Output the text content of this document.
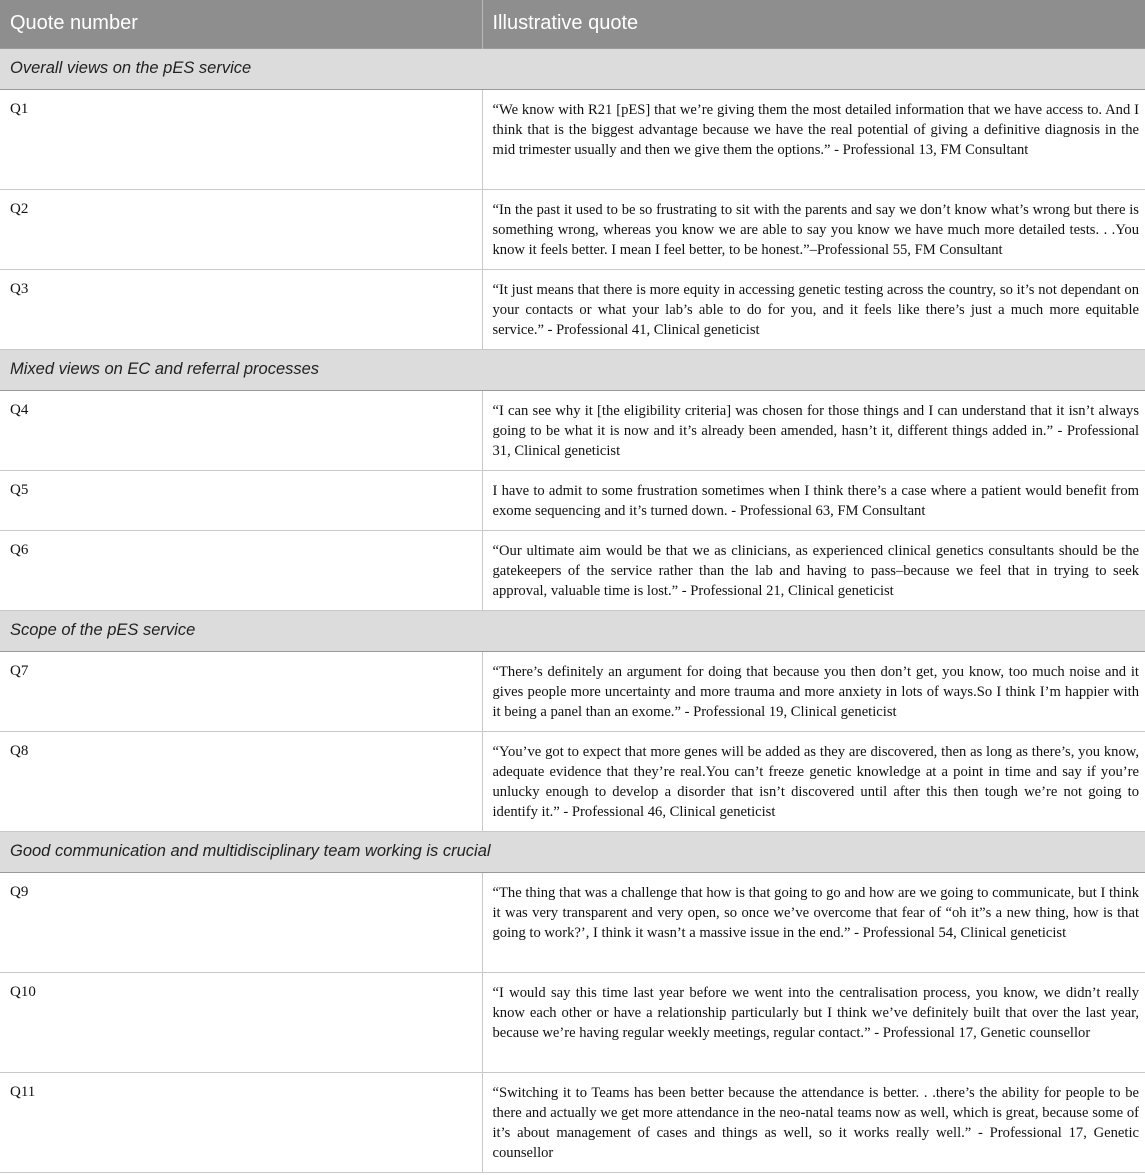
Quote number	Illustrative quote
Overall views on the pES service	
Q1	“We know with R21 [pES] that we’re giving them the most detailed information that we have access to. And I think that is the biggest advantage because we have the real potential of giving a definitive diagnosis in the mid trimester usually and then we give them the options.” - Professional 13, FM Consultant
Q2	“In the past it used to be so frustrating to sit with the parents and say we don’t know what’s wrong but there is something wrong, whereas you know we are able to say you know we have much more detailed tests. . .You know it feels better. I mean I feel better, to be honest.”–Professional 55, FM Consultant
Q3	“It just means that there is more equity in accessing genetic testing across the country, so it’s not dependant on your contacts or what your lab’s able to do for you, and it feels like there’s just a much more equitable service.” - Professional 41, Clinical geneticist
Mixed views on EC and referral processes	
Q4	“I can see why it [the eligibility criteria] was chosen for those things and I can understand that it isn’t always going to be what it is now and it’s already been amended, hasn’t it, different things added in.” - Professional 31, Clinical geneticist
Q5	I have to admit to some frustration sometimes when I think there’s a case where a patient would benefit from exome sequencing and it’s turned down. - Professional 63, FM Consultant
Q6	“Our ultimate aim would be that we as clinicians, as experienced clinical genetics consultants should be the gatekeepers of the service rather than the lab and having to pass–because we feel that in trying to seek approval, valuable time is lost.” - Professional 21, Clinical geneticist
Scope of the pES service	
Q7	“There’s definitely an argument for doing that because you then don’t get, you know, too much noise and it gives people more uncertainty and more trauma and more anxiety in lots of ways.So I think I’m happier with it being a panel than an exome.” - Professional 19, Clinical geneticist
Q8	“You’ve got to expect that more genes will be added as they are discovered, then as long as there’s, you know, adequate evidence that they’re real.You can’t freeze genetic knowledge at a point in time and say if you’re unlucky enough to develop a disorder that isn’t discovered until after this then tough we’re not going to identify it.” - Professional 46, Clinical geneticist
Good communication and multidisciplinary team working is crucial	
Q9	“The thing that was a challenge that how is that going to go and how are we going to communicate, but I think it was very transparent and very open, so once we’ve overcome that fear of “oh it”s a new thing, how is that going to work?’, I think it wasn’t a massive issue in the end.” - Professional 54, Clinical geneticist
Q10	“I would say this time last year before we went into the centralisation process, you know, we didn’t really know each other or have a relationship particularly but I think we’ve definitely built that over the last year, because we’re having regular weekly meetings, regular contact.” - Professional 17, Genetic counsellor
Q11	“Switching it to Teams has been better because the attendance is better. . .there’s the ability for people to be there and actually we get more attendance in the neo-natal teams now as well, which is great, because some of it’s about management of cases and things as well, so it works really well.” - Professional 17, Genetic counsellor
